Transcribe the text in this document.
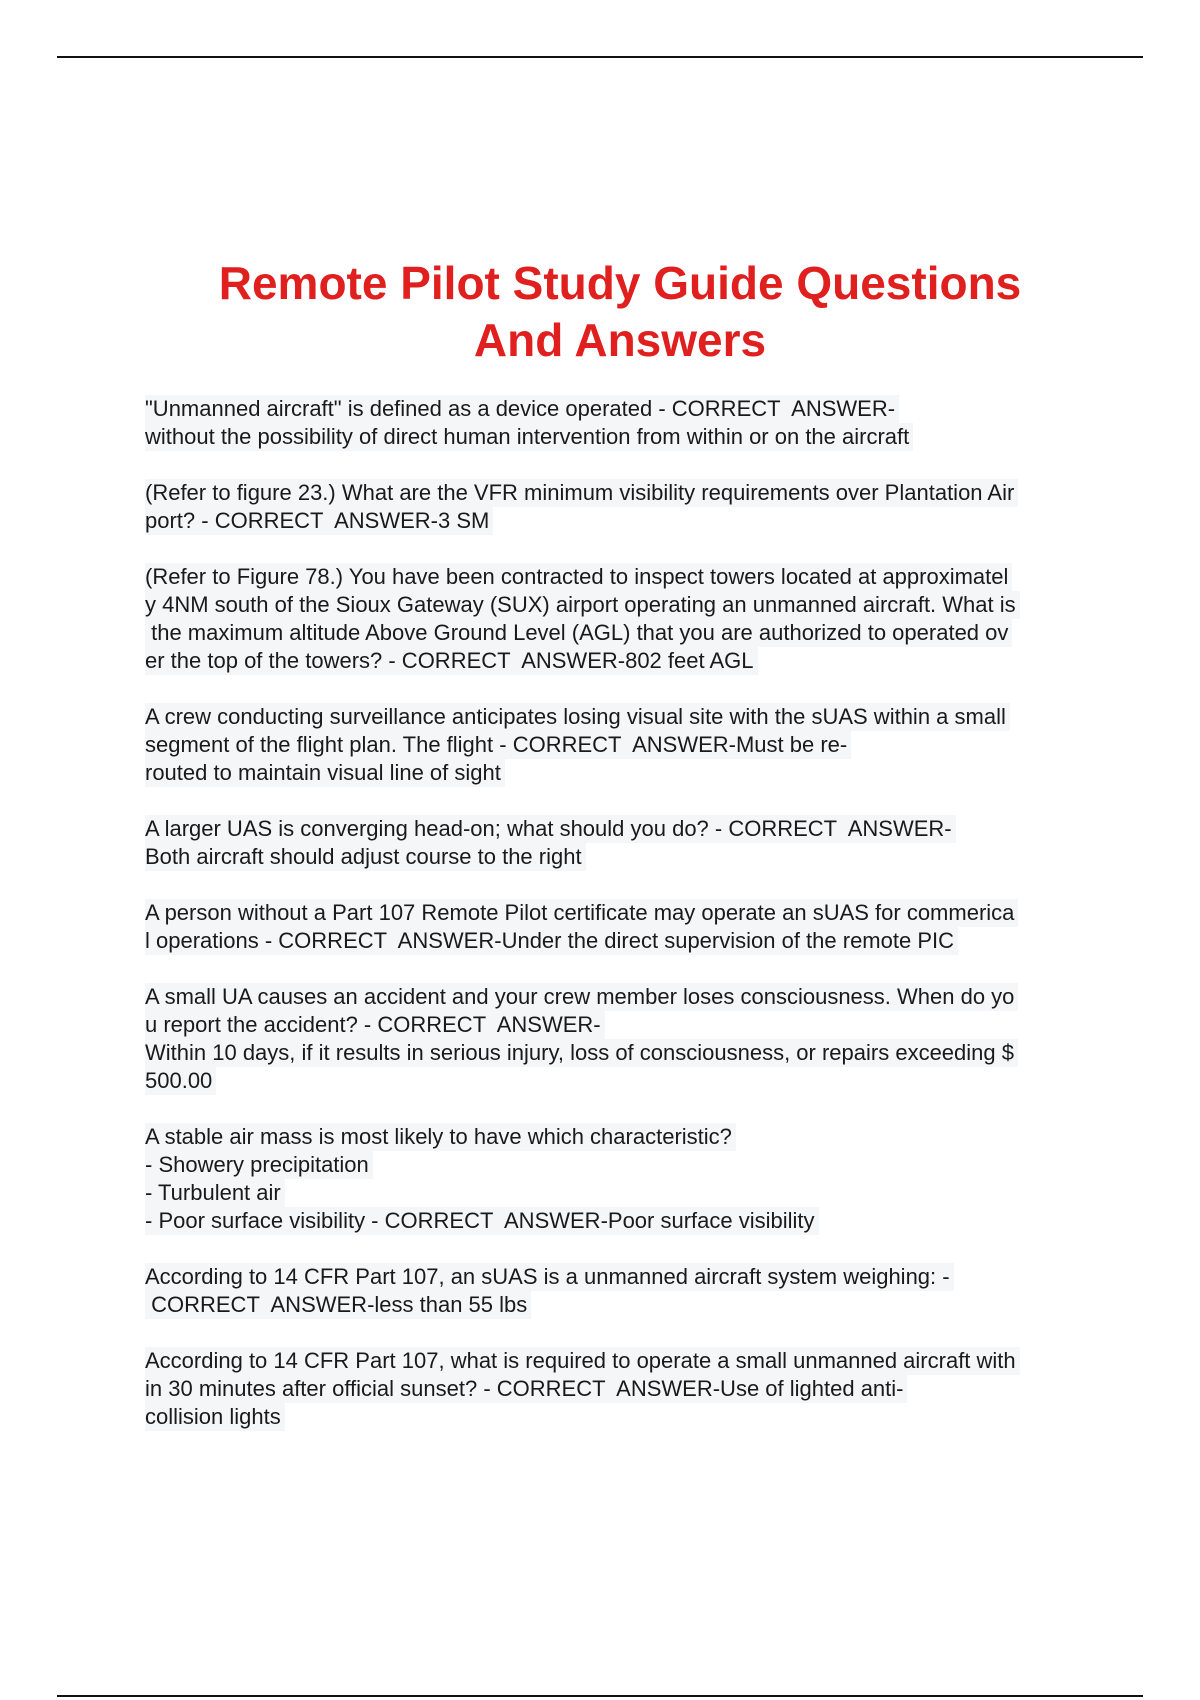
Remote Pilot Study Guide Questions
And Answers
"Unmanned aircraft" is defined as a device operated - CORRECT  ANSWER-
without the possibility of direct human intervention from within or on the aircraft
(Refer to figure 23.) What are the VFR minimum visibility requirements over Plantation Air
port? - CORRECT  ANSWER-3 SM
(Refer to Figure 78.) You have been contracted to inspect towers located at approximatel
y 4NM south of the Sioux Gateway (SUX) airport operating an unmanned aircraft. What is
the maximum altitude Above Ground Level (AGL) that you are authorized to operated ov
er the top of the towers? - CORRECT  ANSWER-802 feet AGL
A crew conducting surveillance anticipates losing visual site with the sUAS within a small
segment of the flight plan. The flight - CORRECT  ANSWER-Must be re-
routed to maintain visual line of sight
A larger UAS is converging head-on; what should you do? - CORRECT  ANSWER-
Both aircraft should adjust course to the right
A person without a Part 107 Remote Pilot certificate may operate an sUAS for commerica
l operations - CORRECT  ANSWER-Under the direct supervision of the remote PIC
A small UA causes an accident and your crew member loses consciousness. When do yo
u report the accident? - CORRECT  ANSWER-
Within 10 days, if it results in serious injury, loss of consciousness, or repairs exceeding $
500.00
A stable air mass is most likely to have which characteristic?
- Showery precipitation
- Turbulent air
- Poor surface visibility - CORRECT  ANSWER-Poor surface visibility
According to 14 CFR Part 107, an sUAS is a unmanned aircraft system weighing: -
CORRECT  ANSWER-less than 55 lbs
According to 14 CFR Part 107, what is required to operate a small unmanned aircraft with
in 30 minutes after official sunset? - CORRECT  ANSWER-Use of lighted anti-
collision lights
